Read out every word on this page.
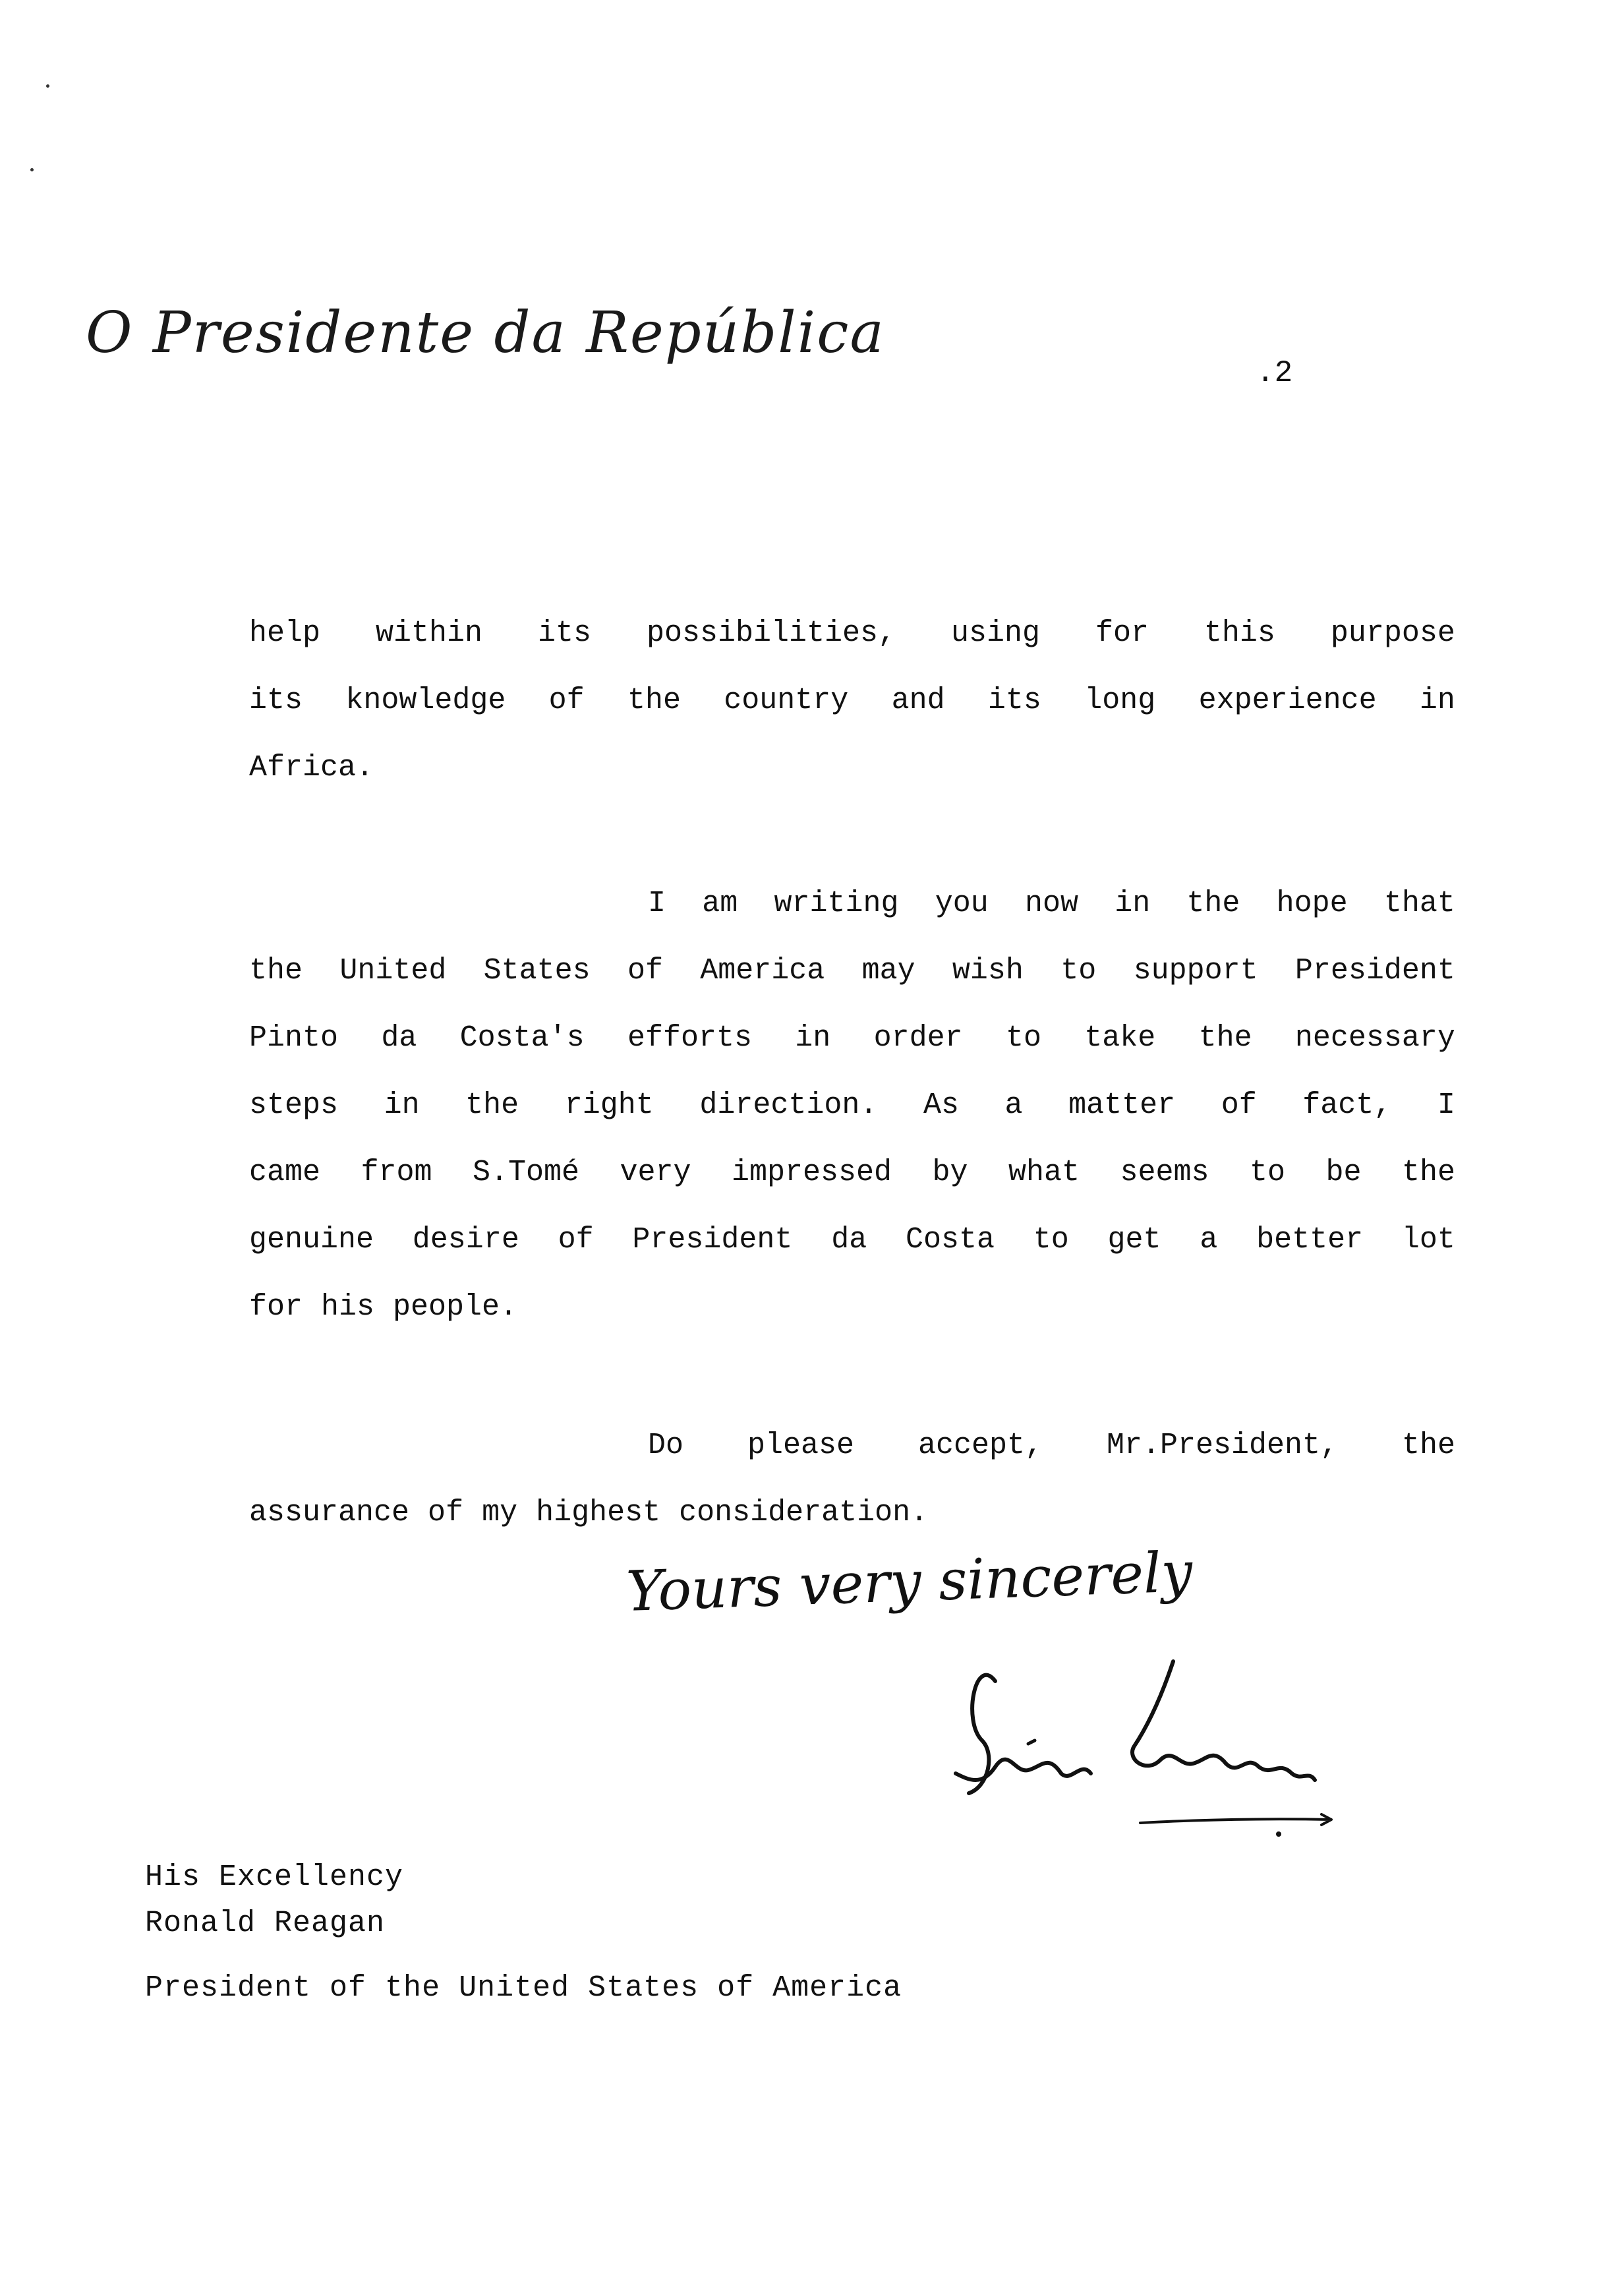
O Presidente da República
.2
help within its possibilities, using for this purpose
its knowledge of the country and its long experience in
Africa.
I am writing you now in the hope that
the United States of America may wish to support President
Pinto da Costa's efforts in order to take the necessary
steps in the right direction. As a matter of fact, I
came from S.Tomé very impressed by what seems to be the
genuine desire of President da Costa to get a better lot
for his people.
Do please accept, Mr.President, the
assurance of my highest consideration.
Yours very sincerely
His Excellency
Ronald Reagan
President of the United States of America
